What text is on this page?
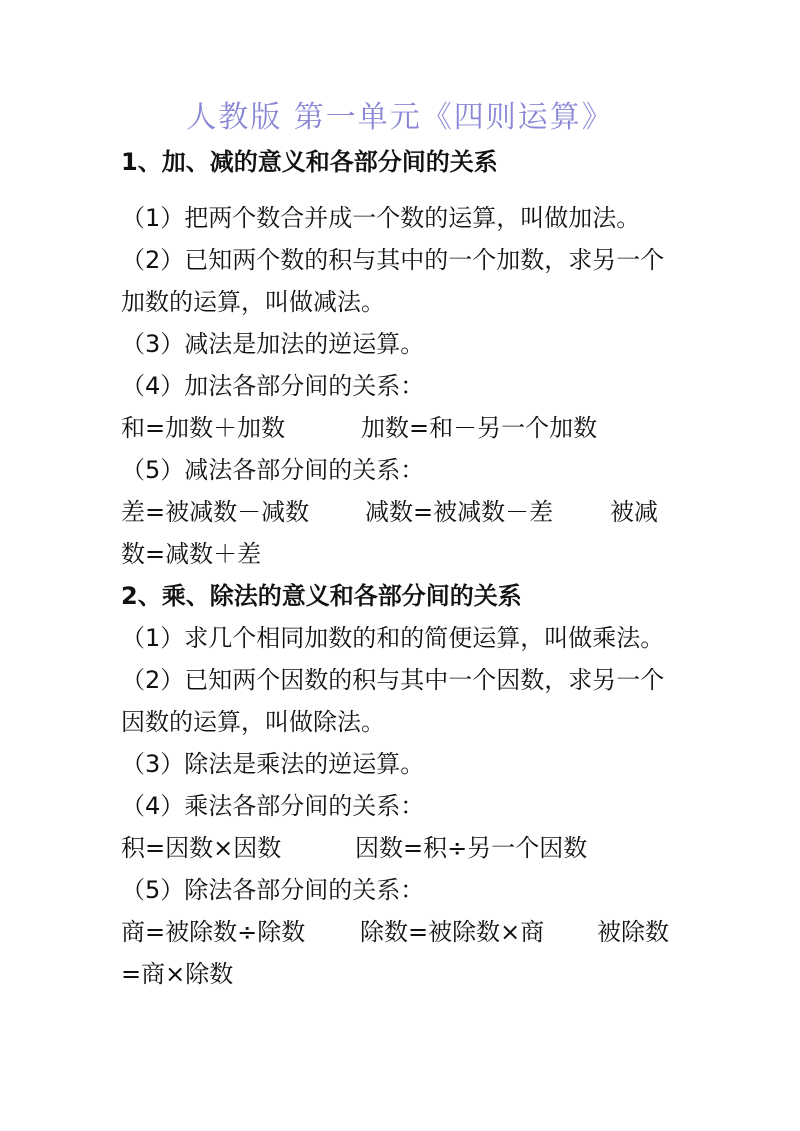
人教版 第一单元《四则运算》
1、加、减的意义和各部分间的关系
（1）把两个数合并成一个数的运算，叫做加法。
（2）已知两个数的积与其中的一个加数，求另一个
加数的运算，叫做减法。
（3）减法是加法的逆运算。
（4）加法各部分间的关系：
和=加数＋加数	加数=和－另一个加数
（5）减法各部分间的关系：
差=被减数－减数 减数=被减数－差 被减
数=减数＋差
2、乘、除法的意义和各部分间的关系
（1）求几个相同加数的和的简便运算，叫做乘法。
（2）已知两个因数的积与其中一个因数，求另一个
因数的运算，叫做除法。
（3）除法是乘法的逆运算。
（4）乘法各部分间的关系：
积=因数×因数	因数=积÷另一个因数
（5）除法各部分间的关系：
商=被除数÷除数 除数=被除数×商 被除数
=商×除数
